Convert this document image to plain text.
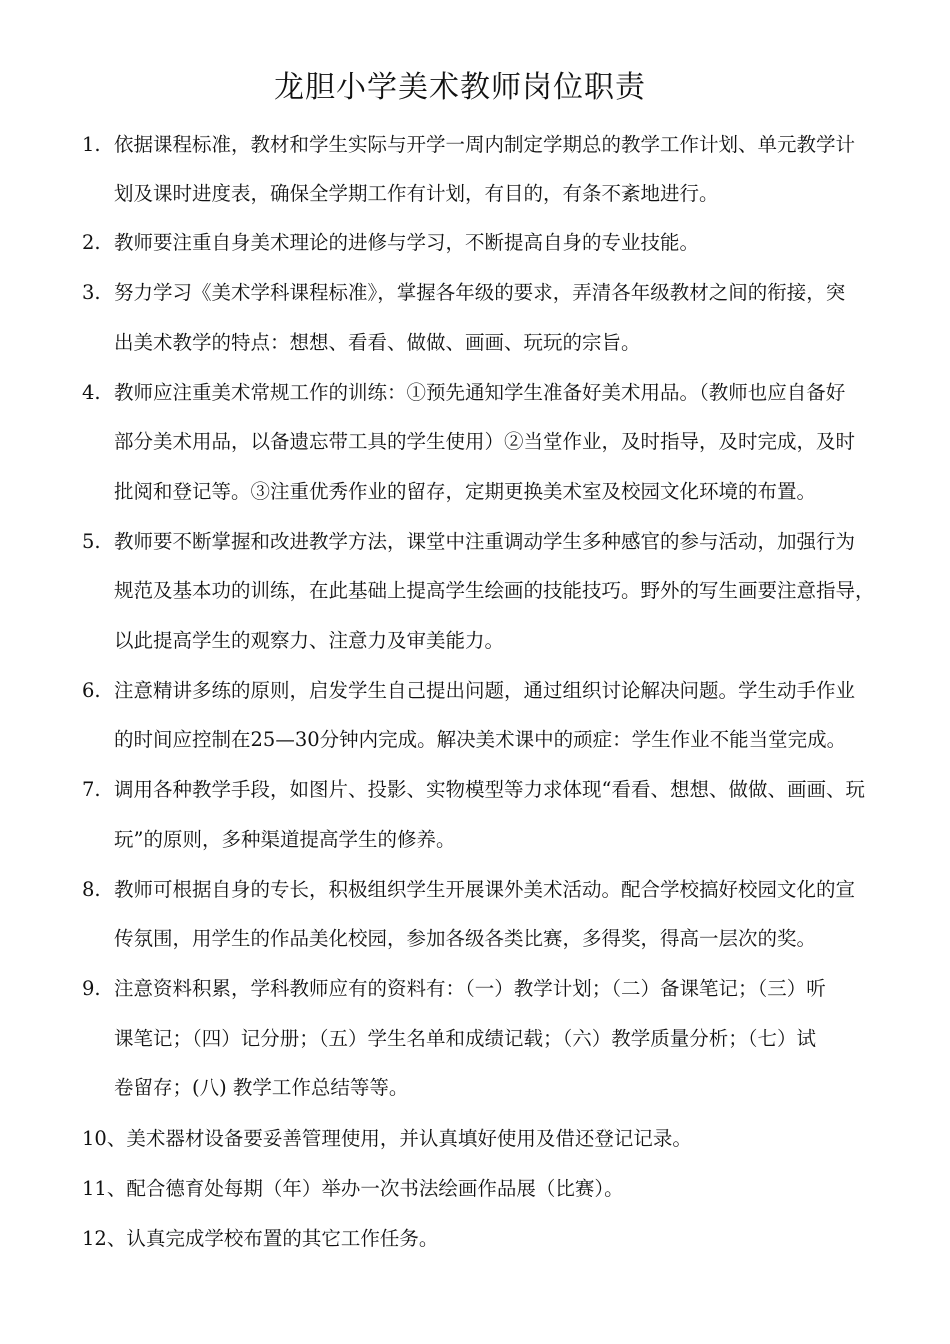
龙胆小学美术教师岗位职责
1. 依据课程标准，教材和学生实际与开学一周内制定学期总的教学工作计划、单元教学计
划及课时进度表，确保全学期工作有计划，有目的，有条不紊地进行。
2. 教师要注重自身美术理论的进修与学习，不断提高自身的专业技能。
3. 努力学习《美术学科课程标准》，掌握各年级的要求，弄清各年级教材之间的衔接，突
出美术教学的特点：想想、看看、做做、画画、玩玩的宗旨。
4. 教师应注重美术常规工作的训练：①预先通知学生准备好美术用品。（教师也应自备好
部分美术用品，以备遗忘带工具的学生使用）②当堂作业，及时指导，及时完成，及时
批阅和登记等。③注重优秀作业的留存，定期更换美术室及校园文化环境的布置。
5. 教师要不断掌握和改进教学方法，课堂中注重调动学生多种感官的参与活动，加强行为
规范及基本功的训练，在此基础上提高学生绘画的技能技巧。野外的写生画要注意指导，
以此提高学生的观察力、注意力及审美能力。
6. 注意精讲多练的原则，启发学生自己提出问题，通过组织讨论解决问题。学生动手作业
的时间应控制在25—30分钟内完成。解决美术课中的顽症：学生作业不能当堂完成。
7. 调用各种教学手段，如图片、投影、实物模型等力求体现“看看、想想、做做、画画、玩
玩”的原则，多种渠道提高学生的修养。
8. 教师可根据自身的专长，积极组织学生开展课外美术活动。配合学校搞好校园文化的宣
传氛围，用学生的作品美化校园，参加各级各类比赛，多得奖，得高一层次的奖。
9. 注意资料积累，学科教师应有的资料有：（一）教学计划；（二）备课笔记；（三）听
课笔记；（四）记分册；（五）学生名单和成绩记载；（六）教学质量分析；（七）试
卷留存；(八) 教学工作总结等等。
10、美术器材设备要妥善管理使用，并认真填好使用及借还登记记录。
11、配合德育处每期（年）举办一次书法绘画作品展（比赛）。
12、认真完成学校布置的其它工作任务。
